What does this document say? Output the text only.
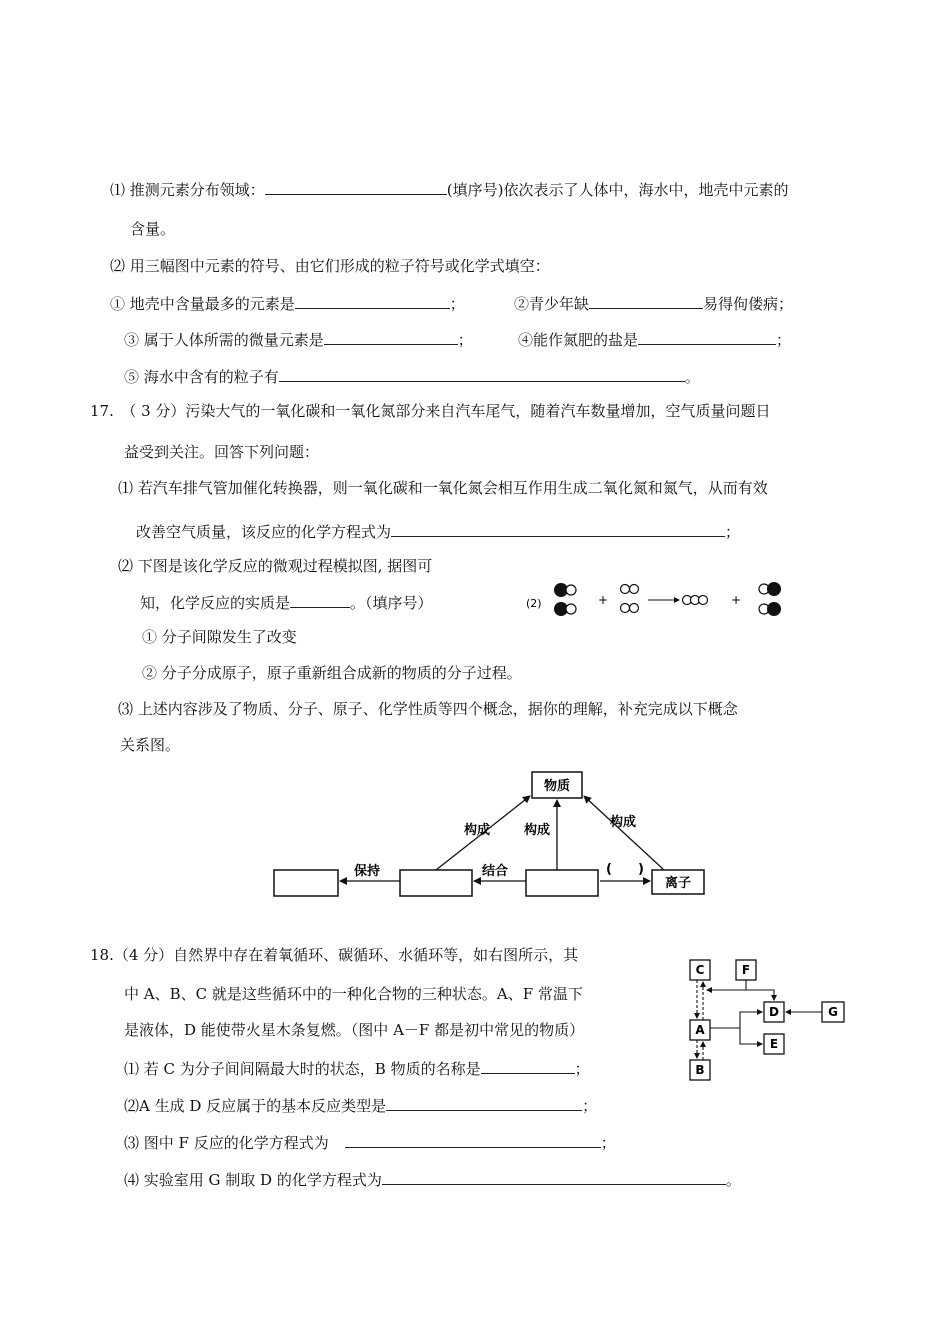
⑴ 推测元素分布领域：	(填序号)依次表示了人体中，海水中，地壳中元素的
含量。
⑵ 用三幅图中元素的符号、由它们形成的粒子符号或化学式填空：
① 地壳中含量最多的元素是	；	②青少年缺	易得佝偻病；
③ 属于人体所需的微量元素是	；	④能作氮肥的盐是	；
⑤ 海水中含有的粒子有	。
17.　（ 3 分）污染大气的一氧化碳和一氧化氮部分来自汽车尾气，随着汽车数量增加，空气质量问题日
益受到关注。回答下列问题：
⑴ 若汽车排气管加催化转换器，则一氧化碳和一氧化氮会相互作用生成二氧化氮和氮气，从而有效
改善空气质量，该反应的化学方程式为	；
⑵ 下图是该化学反应的微观过程模拟图, 据图可
知，化学反应的实质是	。（填序号）
① 分子间隙发生了改变
② 分子分成原子，原子重新组合成新的物质的分子过程。
⑶ 上述内容涉及了物质、分子、原子、化学性质等四个概念，据你的理解，补充完成以下概念
关系图。
(2)	+	+
物质
离子
构成	构成
构成
保持	结合	(　　)
18.（4 分）自然界中存在着氧循环、碳循环、水循环等，如右图所示，其
中 A、B、C 就是这些循环中的一种化合物的三种状态。A、F 常温下
是液体，D 能使带火星木条复燃。（图中 A－F 都是初中常见的物质）
⑴ 若 C 为分子间间隔最大时的状态，B 物质的名称是	；
⑵A 生成 D 反应属于的基本反应类型是	；
⑶ 图中 F 反应的化学方程式为	；
⑷ 实验室用 G 制取 D 的化学方程式为	。
C	F
A
D
E
G
B
